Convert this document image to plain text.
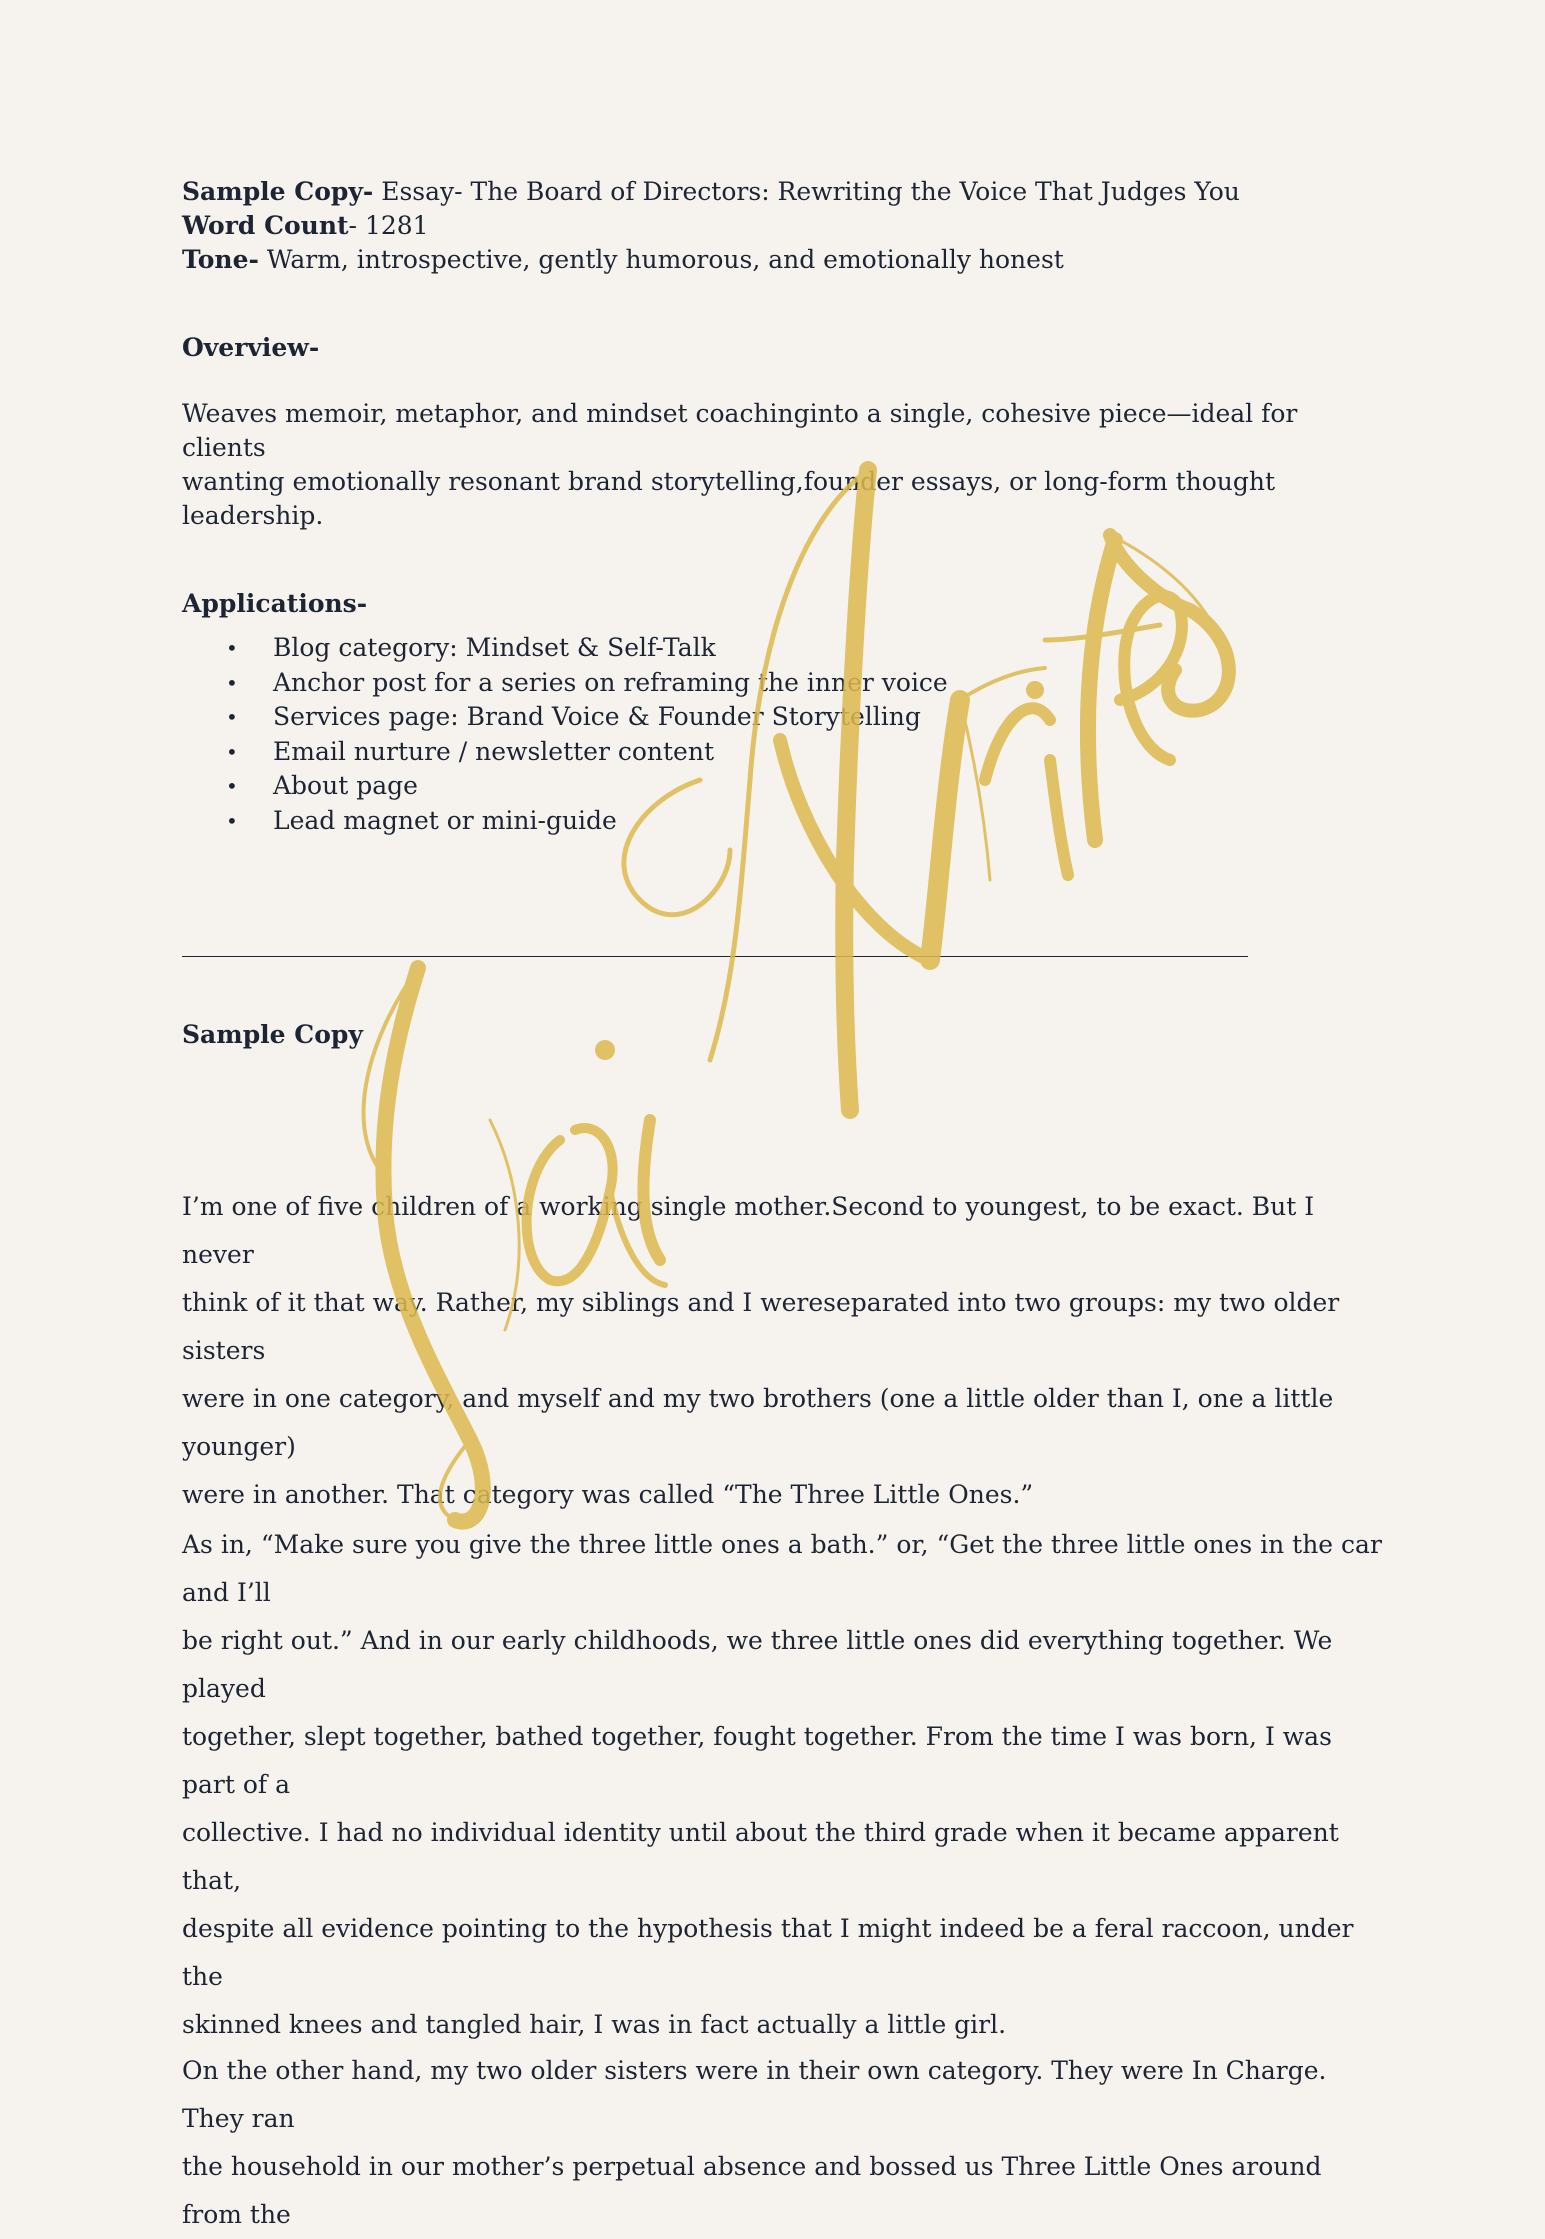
Sample Copy- Essay- The Board of Directors: Rewriting the Voice That Judges You
Word Count- 1281
Tone- Warm, introspective, gently humorous, and emotionally honest
Overview-
Weaves memoir, metaphor, and mindset coachinginto a single, cohesive piece—ideal for clients
wanting emotionally resonant brand storytelling,founder essays, or long-form thought leadership.
Applications-
• Blog category: Mindset & Self-Talk
• Anchor post for a series on reframing the inner voice
• Services page: Brand Voice & Founder Storytelling
• Email nurture / newsletter content
• About page
• Lead magnet or mini-guide
Sample Copy

I’m one of five children of a working single mother.Second to youngest, to be exact. But I never

think of it that way. Rather, my siblings and I wereseparated into two groups: my two older sisters

were in one category, and myself and my two brothers (one a little older than I, one a little younger)

were in another. That category was called “The Three Little Ones.”

As in, “Make sure you give the three little ones a bath.” or, “Get the three little ones in the car and I’ll

be right out.” And in our early childhoods, we three little ones did everything together. We played

together, slept together, bathed together, fought together. From the time I was born, I was part of a

collective. I had no individual identity until about the third grade when it became apparent that,

despite all evidence pointing to the hypothesis that I might indeed be a feral raccoon, under the

skinned knees and tangled hair, I was in fact actually a little girl.

On the other hand, my two older sisters were in their own category. They were In Charge. They ran

the household in our mother’s perpetual absence and bossed us Three Little Ones around from the
